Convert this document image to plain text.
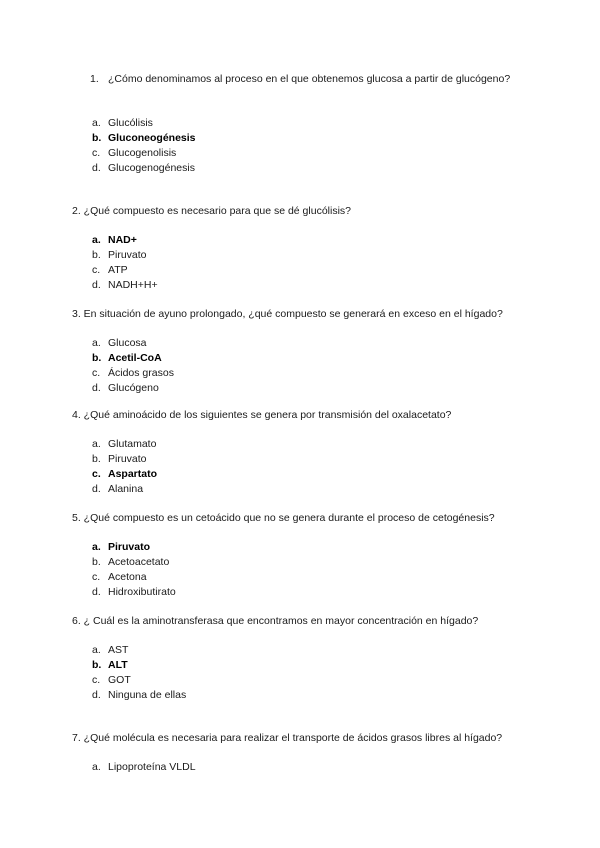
1. ¿Cómo denominamos al proceso en el que obtenemos glucosa a partir de glucógeno?
a. Glucólisis
b. Gluconeogénesis
c. Glucogenolisis
d. Glucogenogénesis
2. ¿Qué compuesto es necesario para que se dé glucólisis?
a. NAD+
b. Piruvato
c. ATP
d. NADH+H+
3. En situación de ayuno prolongado, ¿qué compuesto se generará en exceso en el hígado?
a. Glucosa
b. Acetil-CoA
c. Ácidos grasos
d. Glucógeno
4. ¿Qué aminoácido de los siguientes se genera por transmisión del oxalacetato?
a. Glutamato
b. Piruvato
c. Aspartato
d. Alanina
5. ¿Qué compuesto es un cetoácido que no se genera durante el proceso de cetogénesis?
a. Piruvato
b. Acetoacetato
c. Acetona
d. Hidroxibutirato
6. ¿ Cuál es la aminotransferasa que encontramos en mayor concentración en hígado?
a. AST
b. ALT
c. GOT
d. Ninguna de ellas
7. ¿Qué molécula es necesaria para realizar el transporte de ácidos grasos libres al hígado?
a. Lipoproteína VLDL
